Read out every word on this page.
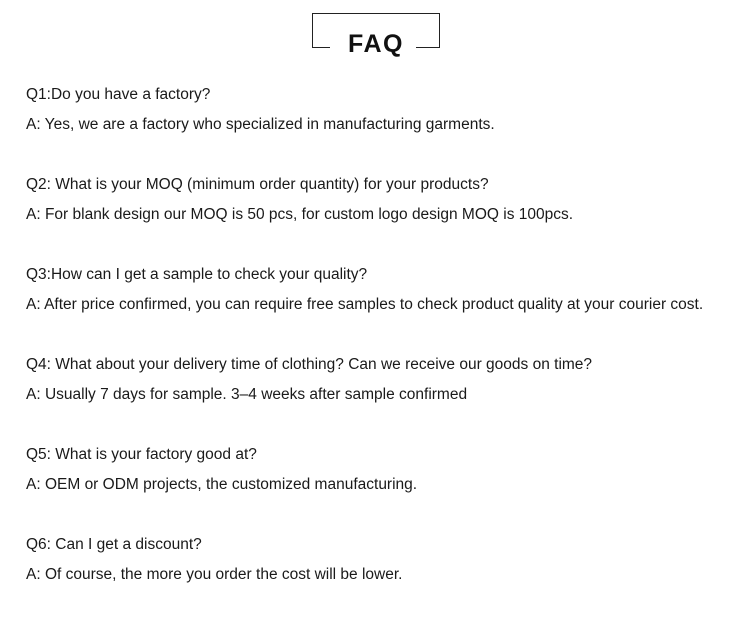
FAQ
Q1:Do you have a factory?
A: Yes, we are a factory who specialized in manufacturing garments.
Q2: What is your MOQ (minimum order quantity) for your products?
A: For blank design our MOQ is 50 pcs, for custom logo design MOQ is 100pcs.
Q3:How can I get a sample to check your quality?
A: After price confirmed, you can require free samples to check product quality at your courier cost.
Q4: What about your delivery time of clothing? Can we receive our goods on time?
A: Usually 7 days for sample. 3–4 weeks after sample confirmed
Q5: What is your factory good at?
A: OEM or ODM projects, the customized manufacturing.
Q6: Can I get a discount?
A: Of course, the more you order the cost will be lower.
